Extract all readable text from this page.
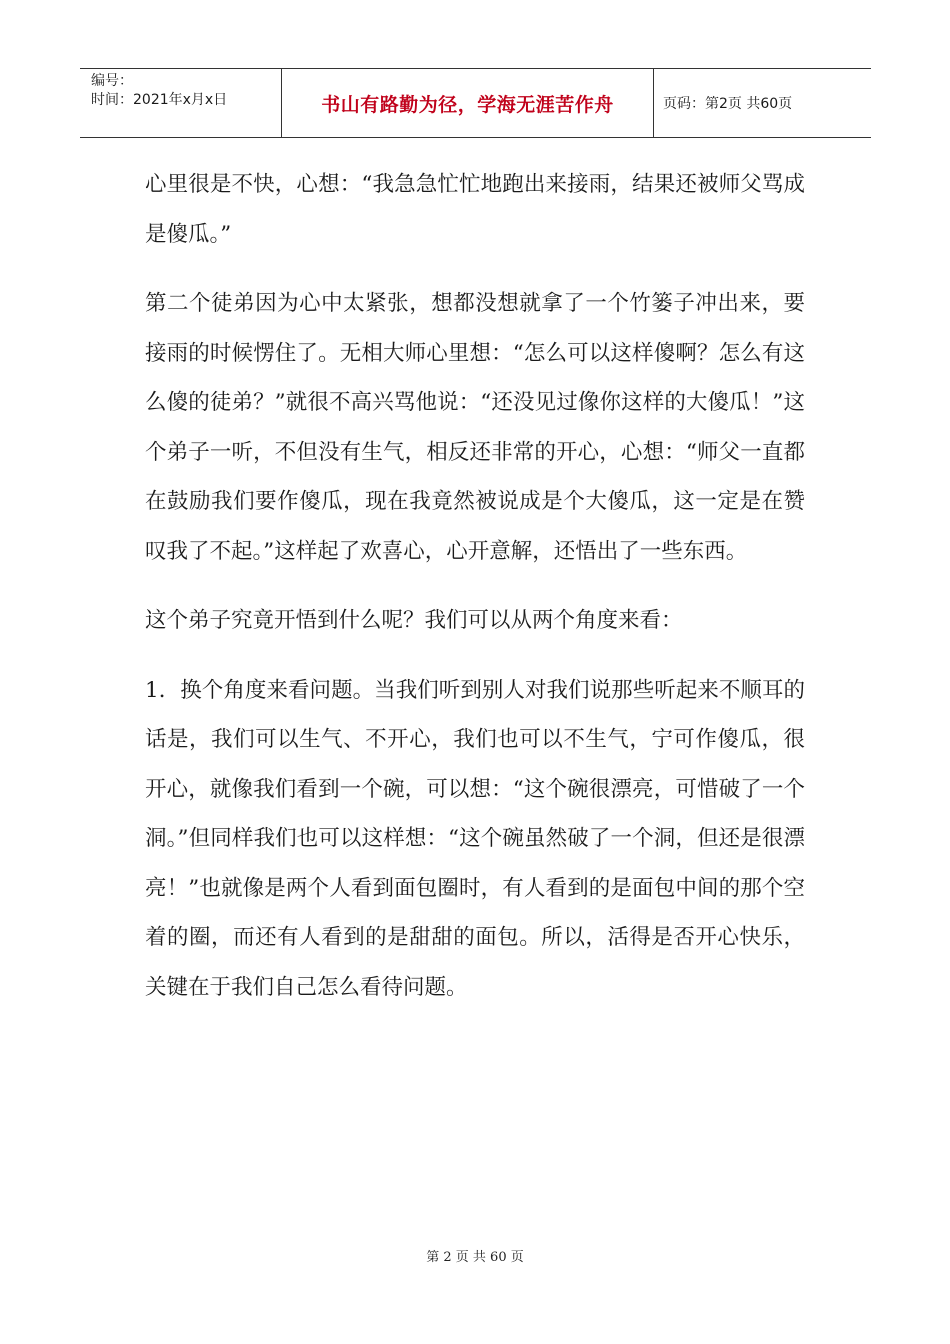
编号：
时间：2021年x月x日	书山有路勤为径，学海无涯苦作舟	页码：第2页 共60页

心里很是不快，心想：“我急急忙忙地跑出来接雨，结果还被师父骂成是傻瓜。”

第二个徒弟因为心中太紧张，想都没想就拿了一个竹篓子冲出来，要接雨的时候愣住了。无相大师心里想：“怎么可以这样傻啊？怎么有这么傻的徒弟？”就很不高兴骂他说：“还没见过像你这样的大傻瓜！”这个弟子一听，不但没有生气，相反还非常的开心，心想：“师父一直都在鼓励我们要作傻瓜，现在我竟然被说成是个大傻瓜，这一定是在赞叹我了不起。”这样起了欢喜心，心开意解，还悟出了一些东西。

这个弟子究竟开悟到什么呢？我们可以从两个角度来看：

1．换个角度来看问题。当我们听到别人对我们说那些听起来不顺耳的话是，我们可以生气、不开心，我们也可以不生气，宁可作傻瓜，很开心，就像我们看到一个碗，可以想：“这个碗很漂亮，可惜破了一个洞。”但同样我们也可以这样想：“这个碗虽然破了一个洞，但还是很漂亮！”也就像是两个人看到面包圈时，有人看到的是面包中间的那个空着的圈，而还有人看到的是甜甜的面包。所以，活得是否开心快乐，关键在于我们自己怎么看待问题。

第 2 页 共 60 页
